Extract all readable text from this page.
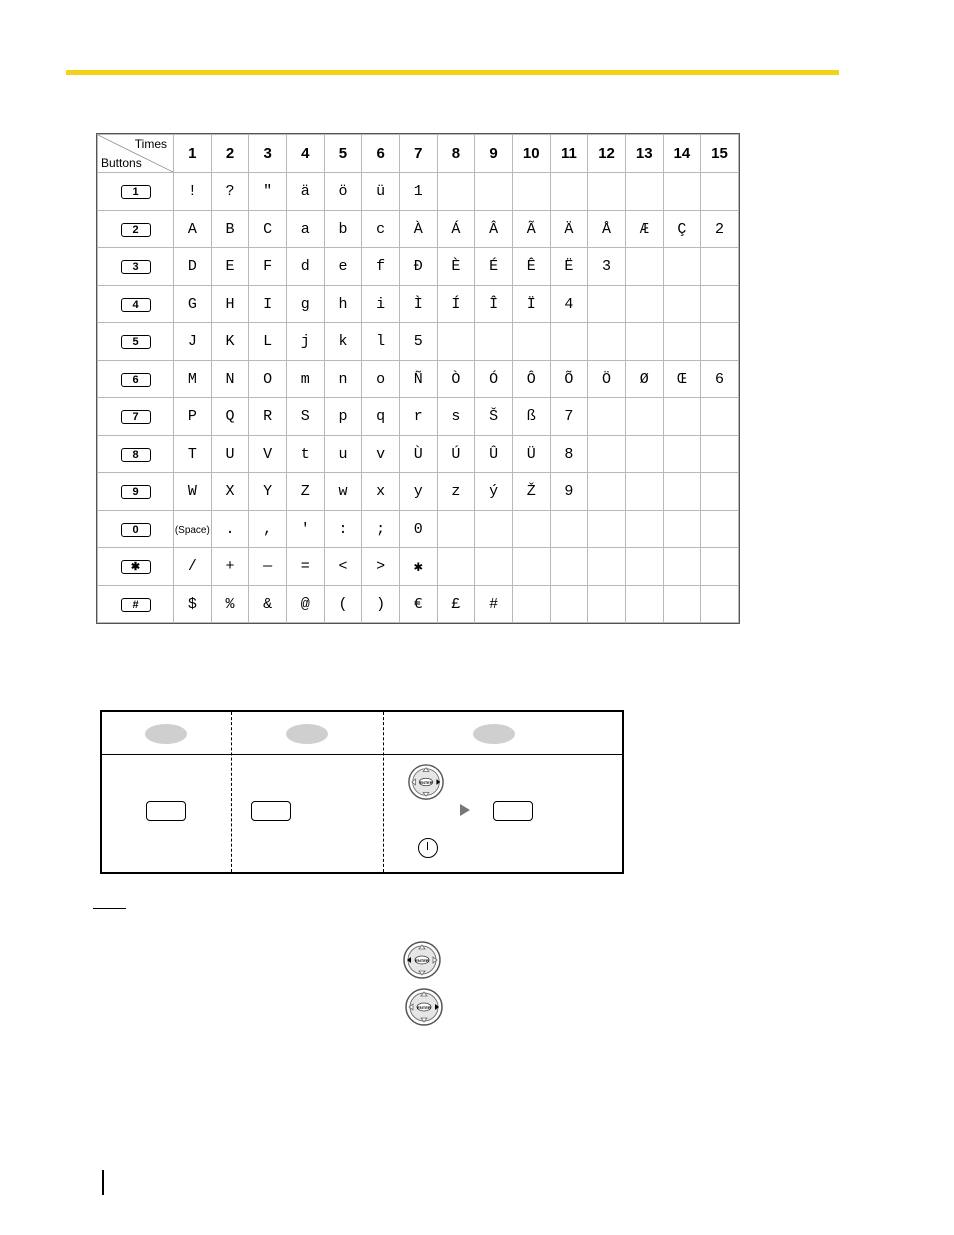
Times
Buttons	1	2	3	4	5	6	7	8	9	10	11	12	13	14	15
1	!	?	"	ä	ö	ü	1								
2	A	B	C	a	b	c	À	Á	Â	Ã	Ä	Å	Æ	Ç	2
3	D	E	F	d	e	f	Ð	È	É	Ê	Ë	3			
4	G	H	I	g	h	i	Ì	Í	Î	Ï	4				
5	J	K	L	j	k	l	5								
6	M	N	O	m	n	o	Ñ	Ò	Ó	Ô	Õ	Ö	Ø	Œ	6
7	P	Q	R	S	p	q	r	s	Š	ß	7				
8	T	U	V	t	u	v	Ù	Ú	Û	Ü	8				
9	W	X	Y	Z	w	x	y	z	ý	Ž	9				
0	(Space)	.	,	'	:	;	0								
✱	/	+	—	=	<	>	✱								
#	$	%	&	@	(	)	€	£	#						
ENTER
ENTER
ENTER
